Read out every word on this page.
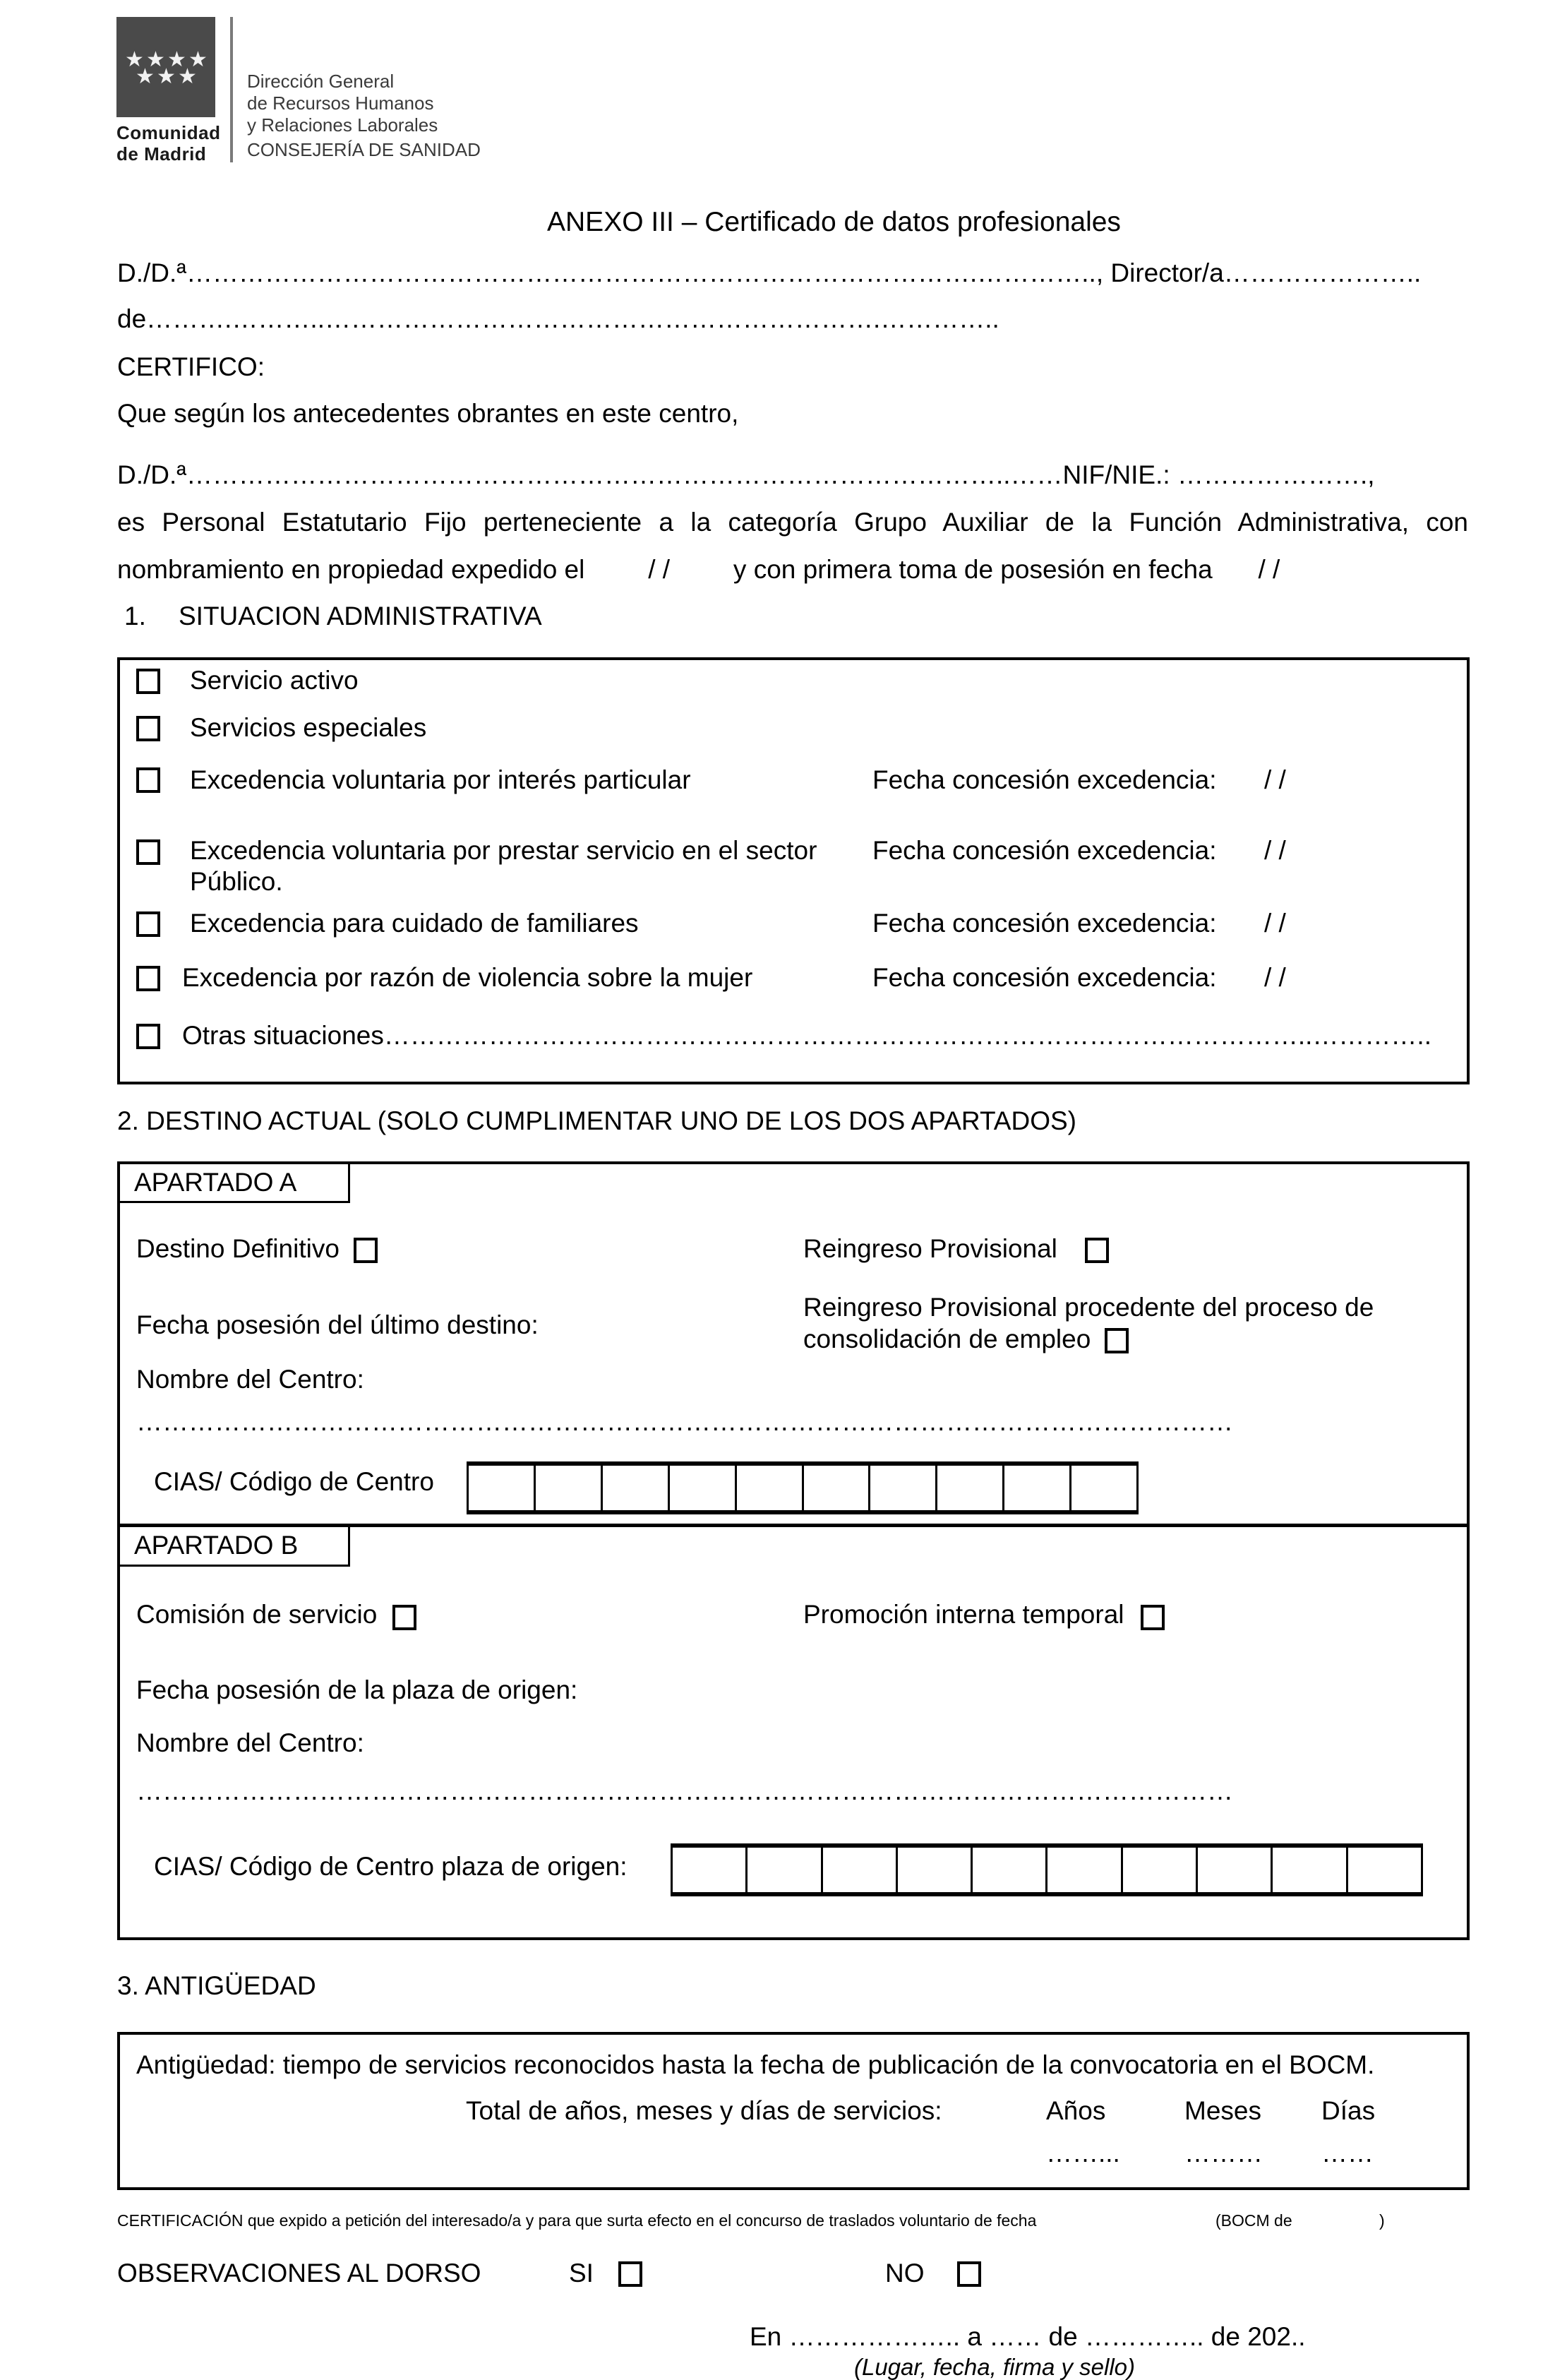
★ ★ ★ ★
★ ★ ★
Comunidad
de Madrid
Dirección General
de Recursos Humanos
y Relaciones Laborales
CONSEJERÍA DE SANIDAD
ANEXO III – Certificado de datos profesionales
D./D.ª……………………………………………………………………………….………….., Director/a…………………..
de……….………..……………………………………………………….…………..
CERTIFICO:
Que según los antecedentes obrantes en este centro,
D./D.ª…………………………………………………………………………………..……NIF/NIE.: ………………….,
es Personal Estatutario Fijo perteneciente a la categoría Grupo Auxiliar de la Función Administrativa, con
nombramiento en propiedad expedido el / / y con primera toma de posesión en fecha / /
1. SITUACION ADMINISTRATIVA
Servicio activo
Servicios especiales
Excedencia voluntaria por interés particular	Fecha concesión excedencia: / /
Excedencia voluntaria por prestar servicio en el sector
Público.
Fecha concesión excedencia: / /
Excedencia para cuidado de familiares	Fecha concesión excedencia: / /
Excedencia por razón de violencia sobre la mujer	Fecha concesión excedencia: / /
Otras situaciones……………………………………………………………………………………………..…………..
2. DESTINO ACTUAL (SOLO CUMPLIMENTAR UNO DE LOS DOS APARTADOS)
APARTADO A
Destino Definitivo	Reingreso Provisional
Fecha posesión del último destino:
Reingreso Provisional procedente del proceso de
consolidación de empleo
Nombre del Centro:
………………………………………………………………………………………………………………
CIAS/ Código de Centro
APARTADO B
Comisión de servicio	Promoción interna temporal
Fecha posesión de la plaza de origen:
Nombre del Centro:
………………………………………………………………………………………………………………
CIAS/ Código de Centro plaza de origen:
3. ANTIGÜEDAD
Antigüedad: tiempo de servicios reconocidos hasta la fecha de publicación de la convocatoria en el BOCM.
Total de años, meses y días de servicios:	Años	Meses Días
……... ……… ……
CERTIFICACIÓN que expido a petición del interesado/a y para que surta efecto en el concurso de traslados voluntario de fecha	(BOCM de	)
OBSERVACIONES AL DORSO	SI	NO
En ……………….. a …… de ………….. de 202..
(Lugar, fecha, firma y sello)
